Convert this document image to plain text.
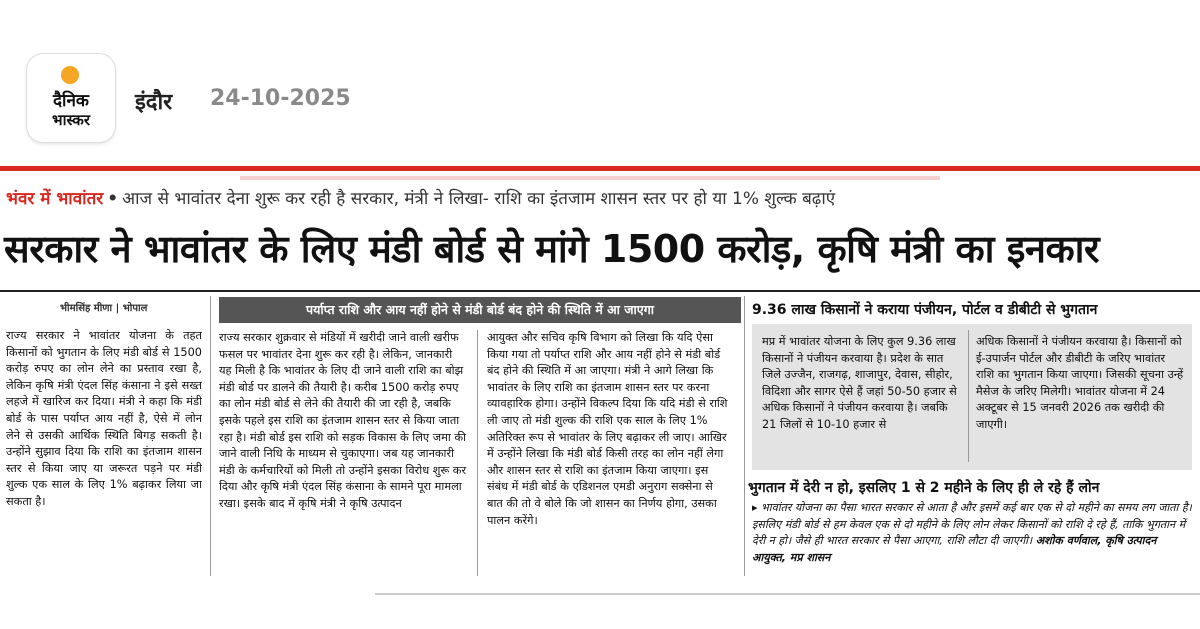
दैनिक
भास्कर
इंदौर 24-10-2025
भंवर में भावांतर • आज से भावांतर देना शुरू कर रही है सरकार, मंत्री ने लिखा- राशि का इंतजाम शासन स्तर पर हो या 1% शुल्क बढ़ाएं
सरकार ने भावांतर के लिए मंडी बोर्ड से मांगे 1500 करोड़, कृषि मंत्री का इनकार
भीमसिंह मीणा | भोपाल
राज्य सरकार ने भावांतर योजना के तहत किसानों को भुगतान के लिए मंडी बोर्ड से 1500 करोड़ रुपए का लोन लेने का प्रस्ताव रखा है, लेकिन कृषि मंत्री एंदल सिंह कंसाना ने इसे सख्त लहजे में खारिज कर दिया। मंत्री ने कहा कि मंडी बोर्ड के पास पर्याप्त आय नहीं है, ऐसे में लोन लेने से उसकी आर्थिक स्थिति बिगड़ सकती है। उन्होंने सुझाव दिया कि राशि का इंतजाम शासन स्तर से किया जाए या जरूरत पड़ने पर मंडी शुल्क एक साल के लिए 1% बढ़ाकर लिया जा सकता है।
पर्याप्त राशि और आय नहीं होने से मंडी बोर्ड बंद होने की स्थिति में आ जाएगा
राज्य सरकार शुक्रवार से मंडियों में खरीदी जाने वाली खरीफ फसल पर भावांतर देना शुरू कर रही है। लेकिन, जानकारी यह मिली है कि भावांतर के लिए दी जाने वाली राशि का बोझ मंडी बोर्ड पर डालने की तैयारी है। करीब 1500 करोड़ रुपए का लोन मंडी बोर्ड से लेने की तैयारी की जा रही है, जबकि इसके पहले इस राशि का इंतजाम शासन स्तर से किया जाता रहा है। मंडी बोर्ड इस राशि को सड़क विकास के लिए जमा की जाने वाली निधि के माध्यम से चुकाएगा। जब यह जानकारी मंडी के कर्मचारियों को मिली तो उन्होंने इसका विरोध शुरू कर दिया और कृषि मंत्री एंदल सिंह कंसाना के सामने पूरा मामला रखा। इसके बाद में कृषि मंत्री ने कृषि उत्पादन
आयुक्त और सचिव कृषि विभाग को लिखा कि यदि ऐसा किया गया तो पर्याप्त राशि और आय नहीं होने से मंडी बोर्ड बंद होने की स्थिति में आ जाएगा। मंत्री ने आगे लिखा कि भावांतर के लिए राशि का इंतजाम शासन स्तर पर करना व्यावहारिक होगा। उन्होंने विकल्प दिया कि यदि मंडी से राशि ली जाए तो मंडी शुल्क की राशि एक साल के लिए 1% अतिरिक्त रूप से भावांतर के लिए बढ़ाकर ली जाए। आखिर में उन्होंने लिखा कि मंडी बोर्ड किसी तरह का लोन नहीं लेगा और शासन स्तर से राशि का इंतजाम किया जाएगा। इस संबंध में मंडी बोर्ड के एडिशनल एमडी अनुराग सक्सेना से बात की तो वे बोले कि जो शासन का निर्णय होगा, उसका पालन करेंगे।
9.36 लाख किसानों ने कराया पंजीयन, पोर्टल व डीबीटी से भुगतान
मप्र में भावांतर योजना के लिए कुल 9.36 लाख किसानों ने पंजीयन करवाया है। प्रदेश के सात जिले उज्जैन, राजगढ़, शाजापुर, देवास, सीहोर, विदिशा और सागर ऐसे हैं जहां 50-50 हजार से अधिक किसानों ने पंजीयन करवाया है। जबकि 21 जिलों से 10-10 हजार से
अधिक किसानों ने पंजीयन करवाया है। किसानों को ई-उपार्जन पोर्टल और डीबीटी के जरिए भावांतर राशि का भुगतान किया जाएगा। जिसकी सूचना उन्हें मैसेज के जरिए मिलेगी। भावांतर योजना में 24 अक्टूबर से 15 जनवरी 2026 तक खरीदी की जाएगी।
भुगतान में देरी न हो, इसलिए 1 से 2 महीने के लिए ही ले रहे हैं लोन
▸ भावांतर योजना का पैसा भारत सरकार से आता है और इसमें कई बार एक से दो महीने का समय लग जाता है। इसलिए मंडी बोर्ड से हम केवल एक से दो महीने के लिए लोन लेकर किसानों को राशि दे रहे हैं, ताकि भुगतान में देरी न हो। जैसे ही भारत सरकार से पैसा आएगा, राशि लौटा दी जाएगी। अशोक वर्णवाल, कृषि उत्पादन आयुक्त, मप्र शासन
